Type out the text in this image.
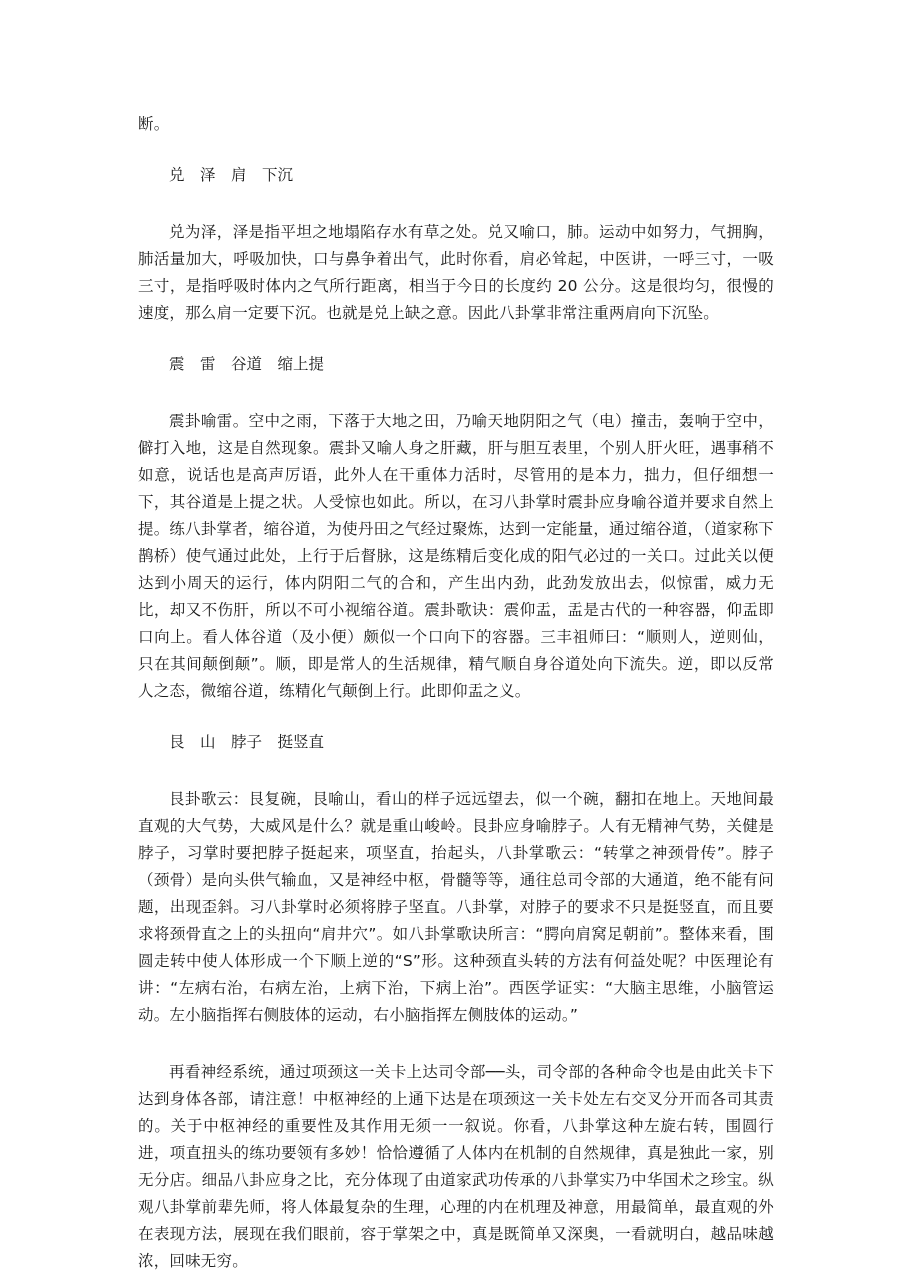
断。

兑　泽　肩　下沉

兑为泽，泽是指平坦之地塌陷存水有草之处。兑又喻口，肺。运动中如努力，气拥胸，肺活量加大，呼吸加快，口与鼻争着出气，此时你看，肩必耸起，中医讲，一呼三寸，一吸三寸，是指呼吸时体内之气所行距离，相当于今日的长度约 20 公分。这是很均匀，很慢的速度，那么肩一定要下沉。也就是兑上缺之意。因此八卦掌非常注重两肩向下沉坠。

震　雷　谷道　缩上提

震卦喻雷。空中之雨，下落于大地之田，乃喻天地阴阳之气（电）撞击，轰响于空中，僻打入地，这是自然现象。震卦又喻人身之肝藏，肝与胆互表里，个别人肝火旺，遇事稍不如意，说话也是高声厉语，此外人在干重体力活时，尽管用的是本力，拙力，但仔细想一下，其谷道是上提之状。人受惊也如此。所以，在习八卦掌时震卦应身喻谷道并要求自然上提。练八卦掌者，缩谷道，为使丹田之气经过聚炼，达到一定能量，通过缩谷道，（道家称下鹊桥）使气通过此处，上行于后督脉，这是练精后变化成的阳气必过的一关口。过此关以便达到小周天的运行，体内阴阳二气的合和，产生出内劲，此劲发放出去，似惊雷，威力无比，却又不伤肝，所以不可小视缩谷道。震卦歌诀：震仰盂，盂是古代的一种容器，仰盂即口向上。看人体谷道（及小便）颇似一个口向下的容器。三丰祖师曰：“顺则人，逆则仙，只在其间颠倒颠”。顺，即是常人的生活规律，精气顺自身谷道处向下流失。逆，即以反常人之态，微缩谷道，练精化气颠倒上行。此即仰盂之义。

艮　山　脖子　挺竖直

艮卦歌云：艮复碗，艮喻山，看山的样子远远望去，似一个碗，翻扣在地上。天地间最直观的大气势，大威风是什么？就是重山峻岭。艮卦应身喻脖子。人有无精神气势，关健是脖子，习掌时要把脖子挺起来，项坚直，抬起头，八卦掌歌云：“转掌之神颈骨传”。脖子（颈骨）是向头供气输血，又是神经中枢，骨髓等等，通往总司令部的大通道，绝不能有问题，出现歪斜。习八卦掌时必须将脖子坚直。八卦掌，对脖子的要求不只是挺竖直，而且要求将颈骨直之上的头扭向“肩井穴”。如八卦掌歌诀所言：“腭向肩窝足朝前”。整体来看，围圆走转中使人体形成一个下顺上逆的“S”形。这种颈直头转的方法有何益处呢？中医理论有讲：“左病右治，右病左治，上病下治，下病上治”。西医学证实：“大脑主思维，小脑管运动。左小脑指挥右侧肢体的运动，右小脑指挥左侧肢体的运动。”

再看神经系统，通过项颈这一关卡上达司令部──头，司令部的各种命令也是由此关卡下达到身体各部，请注意！中枢神经的上通下达是在项颈这一关卡处左右交叉分开而各司其责的。关于中枢神经的重要性及其作用无须一一叙说。你看，八卦掌这种左旋右转，围圆行进，项直扭头的练功要领有多妙！恰恰遵循了人体内在机制的自然规律，真是独此一家，别无分店。细品八卦应身之比，充分体现了由道家武功传承的八卦掌实乃中华国术之珍宝。纵观八卦掌前辈先师，将人体最复杂的生理，心理的内在机理及神意，用最简单，最直观的外在表现方法，展现在我们眼前，容于掌架之中，真是既简单又深奥，一看就明白，越品味越浓，回味无穷。
